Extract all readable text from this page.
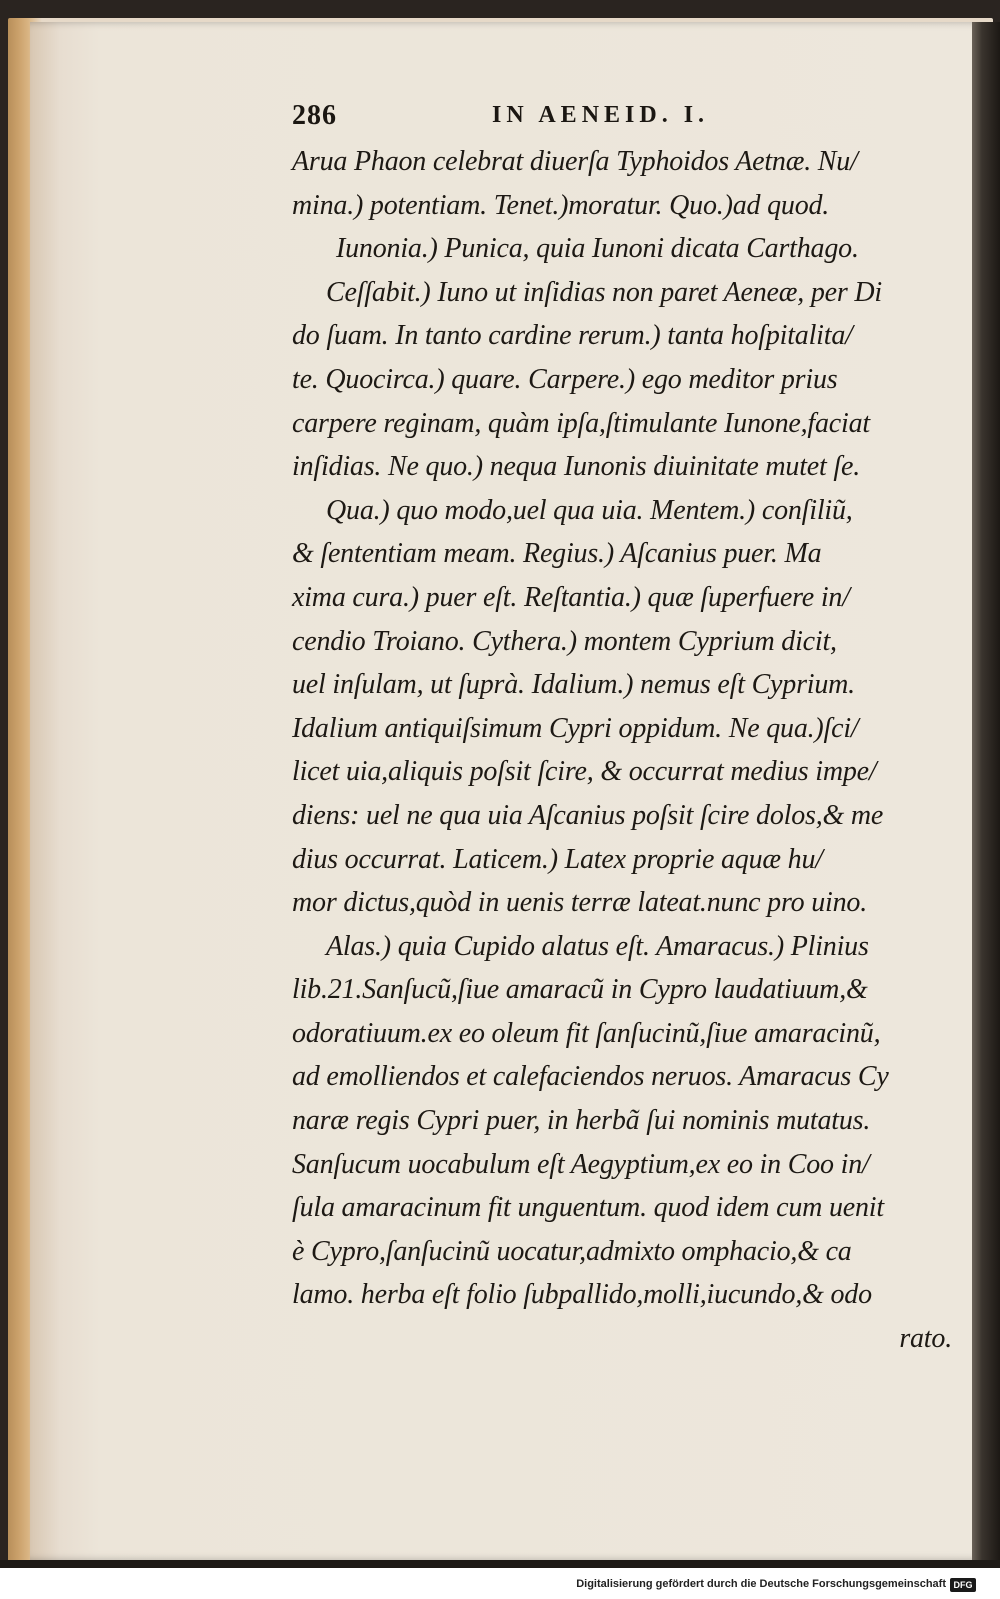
286	IN AENEID. I.
Arua Phaon celebrat diuerſa Typhoidos Aetnæ. Nu/
mina.) potentiam. Tenet.)moratur. Quo.)ad quod.
Iunonia.) Punica, quia Iunoni dicata Carthago.
Ceſſabit.) Iuno ut inſidias non paret Aeneæ, per Di
do ſuam. In tanto cardine rerum.) tanta hoſpitalita/
te. Quocirca.) quare. Carpere.) ego meditor prius
carpere reginam, quàm ipſa,ſtimulante Iunone,faciat
inſidias. Ne quo.) nequa Iunonis diuinitate mutet ſe.
Qua.) quo modo,uel qua uia. Mentem.) conſiliũ,
& ſententiam meam. Regius.) Aſcanius puer. Ma
xima cura.) puer eſt. Reſtantia.) quæ ſuperfuere in/
cendio Troiano. Cythera.) montem Cyprium dicit,
uel inſulam, ut ſuprà. Idalium.) nemus eſt Cyprium.
Idalium antiquiſsimum Cypri oppidum. Ne qua.)ſci/
licet uia,aliquis poſsit ſcire, & occurrat medius impe/
diens: uel ne qua uia Aſcanius poſsit ſcire dolos,& me
dius occurrat. Laticem.) Latex proprie aquæ hu/
mor dictus,quòd in uenis terræ lateat.nunc pro uino.
Alas.) quia Cupido alatus eſt. Amaracus.) Plinius
lib.21.Sanſucũ,ſiue amaracũ in Cypro laudatiuum,&
odoratiuum.ex eo oleum fit ſanſucinũ,ſiue amaracinũ,
ad emolliendos et calefaciendos neruos. Amaracus Cy
naræ regis Cypri puer, in herbã ſui nominis mutatus.
Sanſucum uocabulum eſt Aegyptium,ex eo in Coo in/
ſula amaracinum fit unguentum. quod idem cum uenit
è Cypro,ſanſucinũ uocatur,admixto omphacio,& ca
lamo. herba eſt folio ſubpallido,molli,iucundo,& odo
rato.
Digitalisierung gefördert durch die Deutsche Forschungsgemeinschaft DFG
